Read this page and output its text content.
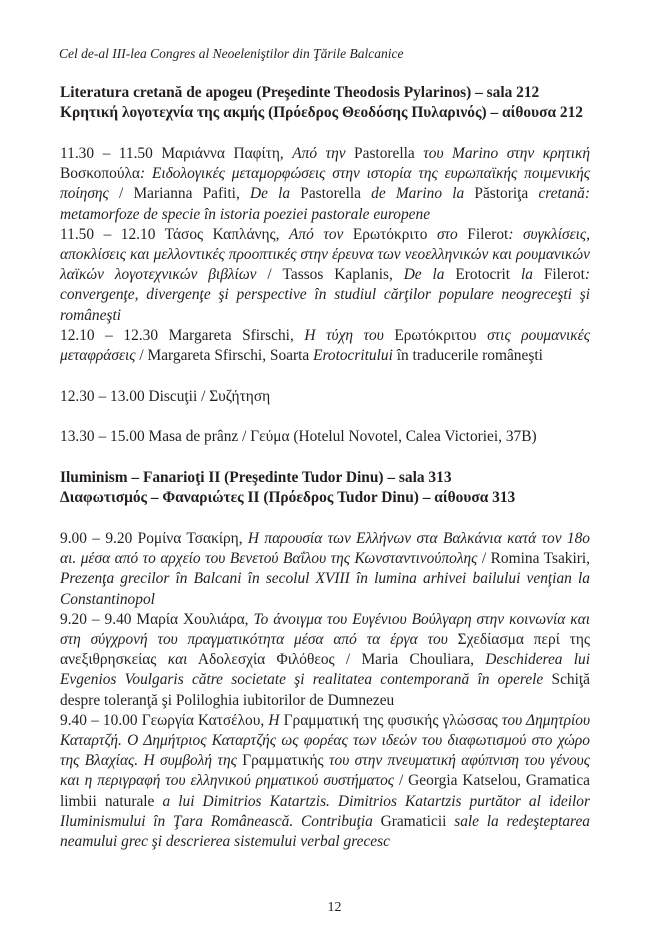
Cel de-al III-lea Congres al Neoeleniştilor din Ţările Balcanice
Literatura cretană de apogeu (Preşedinte Theodosis Pylarinos) – sala 212
Κρητική λογοτεχνία της ακμής (Πρόεδρος Θεοδόσης Πυλαρινός) – αίθουσα 212

11.30 – 11.50 Μαριάννα Παφίτη, Από την Pastorella του Marino στην κρητική Βοσκοπούλα: Ειδολογικές μεταμορφώσεις στην ιστορία της ευρωπαϊκής ποιμενικής ποίησης / Marianna Pafiti, De la Pastorella de Marino la Păstoriţa cretană: metamorfoze de specie în istoria poeziei pastorale europene

11.50 – 12.10 Τάσος Καπλάνης, Από τον Ερωτόκριτο στο Filerot: συγκλίσεις, αποκλίσεις και μελλοντικές προοπτικές στην έρευνα των νεοελληνικών και ρουμανικών λαϊκών λογοτεχνικών βιβλίων / Tassos Kaplanis, De la Erotocrit la Filerot: convergenţe, divergenţe şi perspective în studiul cărţilor populare neogreceşti şi româneşti

12.10 – 12.30 Margareta Sfirschi, Η τύχη του Ερωτόκριτου στις ρουμανικές μεταφράσεις / Margareta Sfirschi, Soarta Erotocritului în traducerile româneşti

12.30 – 13.00 Discuţii / Συζήτηση

13.30 – 15.00 Masa de prânz / Γεύμα (Hotelul Novotel, Calea Victoriei, 37B)

Iluminism – Fanarioţi II (Preşedinte Tudor Dinu) – sala 313
Διαφωτισμός – Φαναριώτες ΙΙ (Πρόεδρος Tudor Dinu) – αίθουσα 313

9.00 – 9.20 Ρομίνα Τσακίρη, Η παρουσία των Ελλήνων στα Βαλκάνια κατά τον 18ο αι. μέσα από το αρχείο του Βενετού Βαΐλου της Κωνσταντινούπολης / Romina Tsakiri, Prezenţa grecilor în Balcani în secolul XVIII în lumina arhivei bailului venţian la Constantinopol

9.20 – 9.40 Μαρία Χουλιάρα, Το άνοιγμα του Ευγένιου Βούλγαρη στην κοινωνία και στη σύγχρονή του πραγματικότητα μέσα από τα έργα του Σχεδίασμα περί της ανεξιθρησκείας και Αδολεσχία Φιλόθεος / Maria Chouliara, Deschiderea lui Evgenios Voulgaris către societate şi realitatea contemporană în operele Schiţă despre toleranţă şi Poliloghia iubitorilor de Dumnezeu

9.40 – 10.00 Γεωργία Κατσέλου, Η Γραμματική της φυσικής γλώσσας του Δημητρίου Καταρτζή. Ο Δημήτριος Καταρτζής ως φορέας των ιδεών του διαφωτισμού στο χώρο της Βλαχίας. Η συμβολή της Γραμματικής του στην πνευματική αφύπνιση του γένους και η περιγραφή του ελληνικού ρηματικού συστήματος / Georgia Katselou, Gramatica limbii naturale a lui Dimitrios Katartzis. Dimitrios Katartzis purtător al ideilor Iluminismului în Ţara Românească. Contribuţia Gramaticii sale la redeşteptarea neamului grec şi descrierea sistemului verbal grecesc

12
